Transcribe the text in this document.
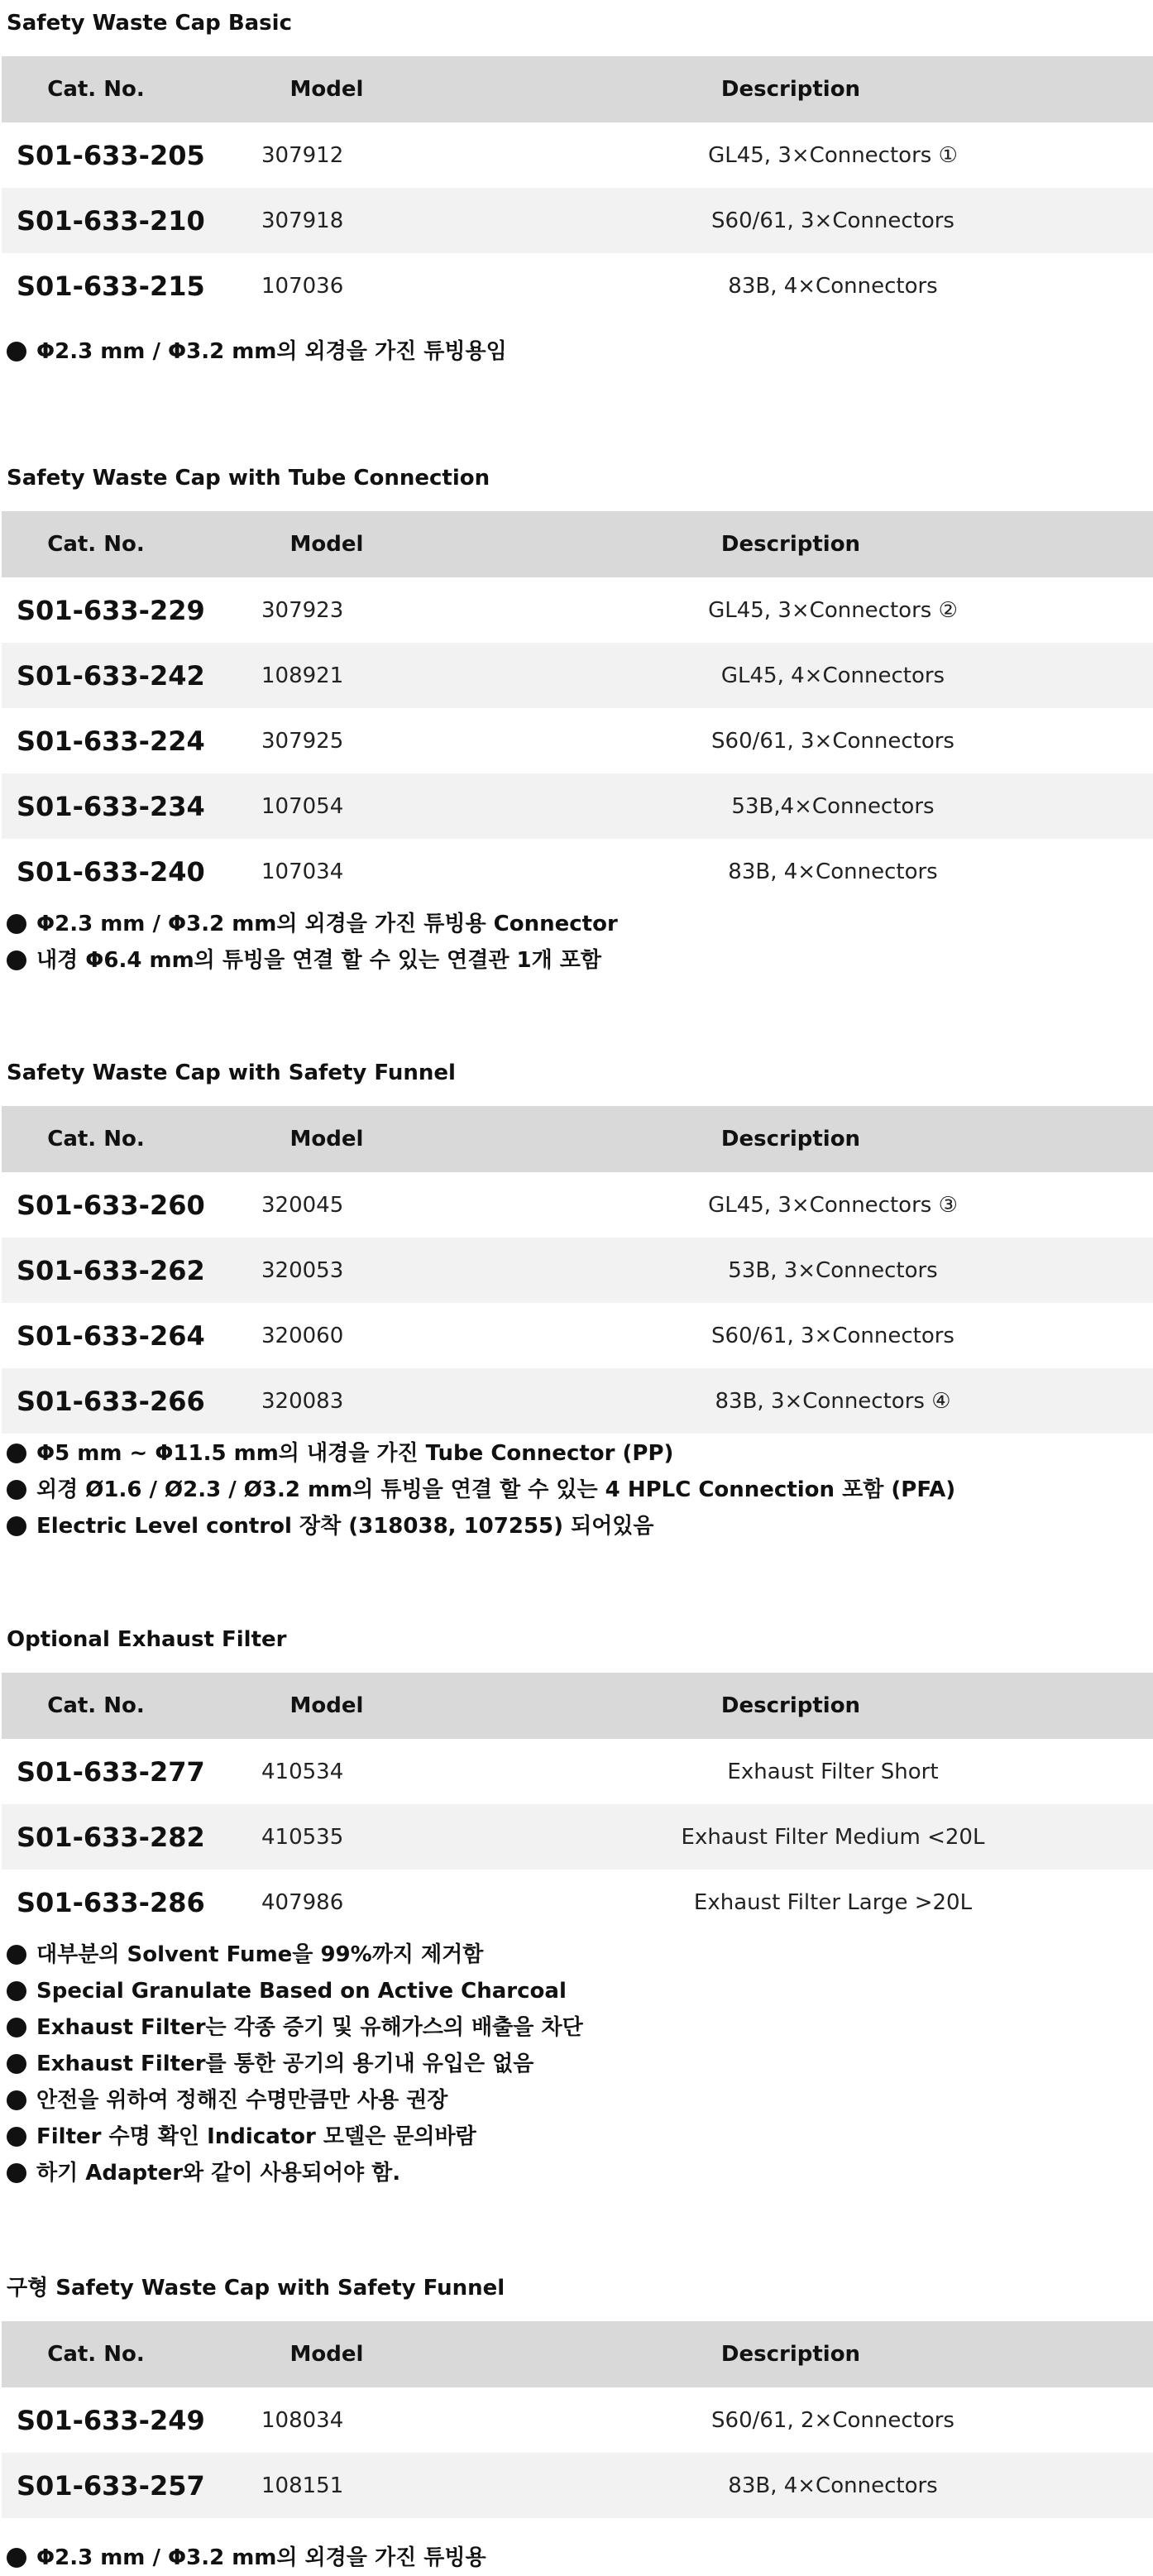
Safety Waste Cap Basic
Cat. No.	Model	Description
S01-633-205	307912	GL45, 3×Connectors ①
S01-633-210	307918	S60/61, 3×Connectors
S01-633-215	107036	83B, 4×Connectors
Φ2.3 mm / Φ3.2 mm의 외경을 가진 튜빙용임
Safety Waste Cap with Tube Connection
Cat. No.	Model	Description
S01-633-229	307923	GL45, 3×Connectors ②
S01-633-242	108921	GL45, 4×Connectors
S01-633-224	307925	S60/61, 3×Connectors
S01-633-234	107054	53B,4×Connectors
S01-633-240	107034	83B, 4×Connectors
Φ2.3 mm / Φ3.2 mm의 외경을 가진 튜빙용 Connector
내경 Φ6.4 mm의 튜빙을 연결 할 수 있는 연결관 1개 포함
Safety Waste Cap with Safety Funnel
Cat. No.	Model	Description
S01-633-260	320045	GL45, 3×Connectors ③
S01-633-262	320053	53B, 3×Connectors
S01-633-264	320060	S60/61, 3×Connectors
S01-633-266	320083	83B, 3×Connectors ④
Φ5 mm ~ Φ11.5 mm의 내경을 가진 Tube Connector (PP)
외경 Ø1.6 / Ø2.3 / Ø3.2 mm의 튜빙을 연결 할 수 있는 4 HPLC Connection 포함 (PFA)
Electric Level control 장착 (318038, 107255) 되어있음
Optional Exhaust Filter
Cat. No.	Model	Description
S01-633-277	410534	Exhaust Filter Short
S01-633-282	410535	Exhaust Filter Medium <20L
S01-633-286	407986	Exhaust Filter Large >20L
대부분의 Solvent Fume을 99%까지 제거함
Special Granulate Based on Active Charcoal
Exhaust Filter는 각종 증기 및 유해가스의 배출을 차단
Exhaust Filter를 통한 공기의 용기내 유입은 없음
안전을 위하여 정해진 수명만큼만 사용 권장
Filter 수명 확인 Indicator 모델은 문의바람
하기 Adapter와 같이 사용되어야 함.
구형 Safety Waste Cap with Safety Funnel
Cat. No.	Model	Description
S01-633-249	108034	S60/61, 2×Connectors
S01-633-257	108151	83B, 4×Connectors
Φ2.3 mm / Φ3.2 mm의 외경을 가진 튜빙용
